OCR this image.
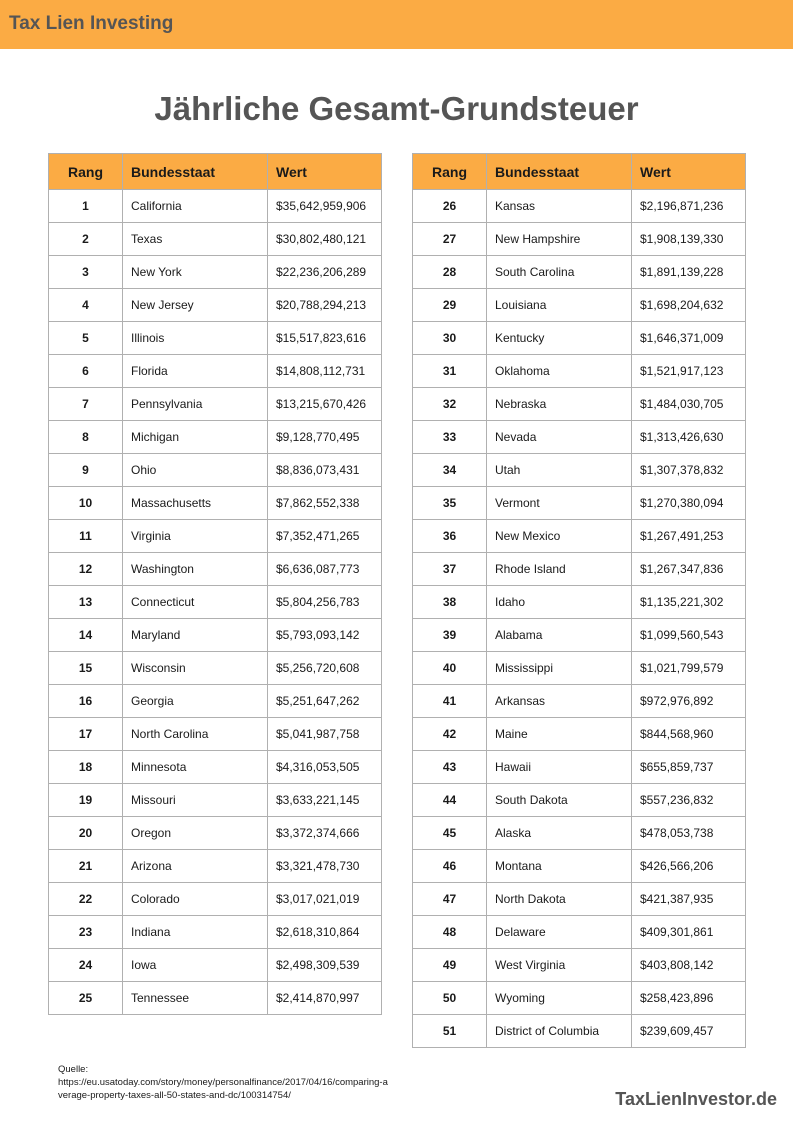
Tax Lien Investing
Jährliche Gesamt-Grundsteuer
Rang	Bundesstaat	Wert
1	California	$35,642,959,906
2	Texas	$30,802,480,121
3	New York	$22,236,206,289
4	New Jersey	$20,788,294,213
5	Illinois	$15,517,823,616
6	Florida	$14,808,112,731
7	Pennsylvania	$13,215,670,426
8	Michigan	$9,128,770,495
9	Ohio	$8,836,073,431
10	Massachusetts	$7,862,552,338
11	Virginia	$7,352,471,265
12	Washington	$6,636,087,773
13	Connecticut	$5,804,256,783
14	Maryland	$5,793,093,142
15	Wisconsin	$5,256,720,608
16	Georgia	$5,251,647,262
17	North Carolina	$5,041,987,758
18	Minnesota	$4,316,053,505
19	Missouri	$3,633,221,145
20	Oregon	$3,372,374,666
21	Arizona	$3,321,478,730
22	Colorado	$3,017,021,019
23	Indiana	$2,618,310,864
24	Iowa	$2,498,309,539
25	Tennessee	$2,414,870,997
Rang	Bundesstaat	Wert
26	Kansas	$2,196,871,236
27	New Hampshire	$1,908,139,330
28	South Carolina	$1,891,139,228
29	Louisiana	$1,698,204,632
30	Kentucky	$1,646,371,009
31	Oklahoma	$1,521,917,123
32	Nebraska	$1,484,030,705
33	Nevada	$1,313,426,630
34	Utah	$1,307,378,832
35	Vermont	$1,270,380,094
36	New Mexico	$1,267,491,253
37	Rhode Island	$1,267,347,836
38	Idaho	$1,135,221,302
39	Alabama	$1,099,560,543
40	Mississippi	$1,021,799,579
41	Arkansas	$972,976,892
42	Maine	$844,568,960
43	Hawaii	$655,859,737
44	South Dakota	$557,236,832
45	Alaska	$478,053,738
46	Montana	$426,566,206
47	North Dakota	$421,387,935
48	Delaware	$409,301,861
49	West Virginia	$403,808,142
50	Wyoming	$258,423,896
51	District of Columbia	$239,609,457
Quelle:
https://eu.usatoday.com/story/money/personalfinance/2017/04/16/comparing-average-property-taxes-all-50-states-and-dc/100314754/	TaxLienInvestor.de
